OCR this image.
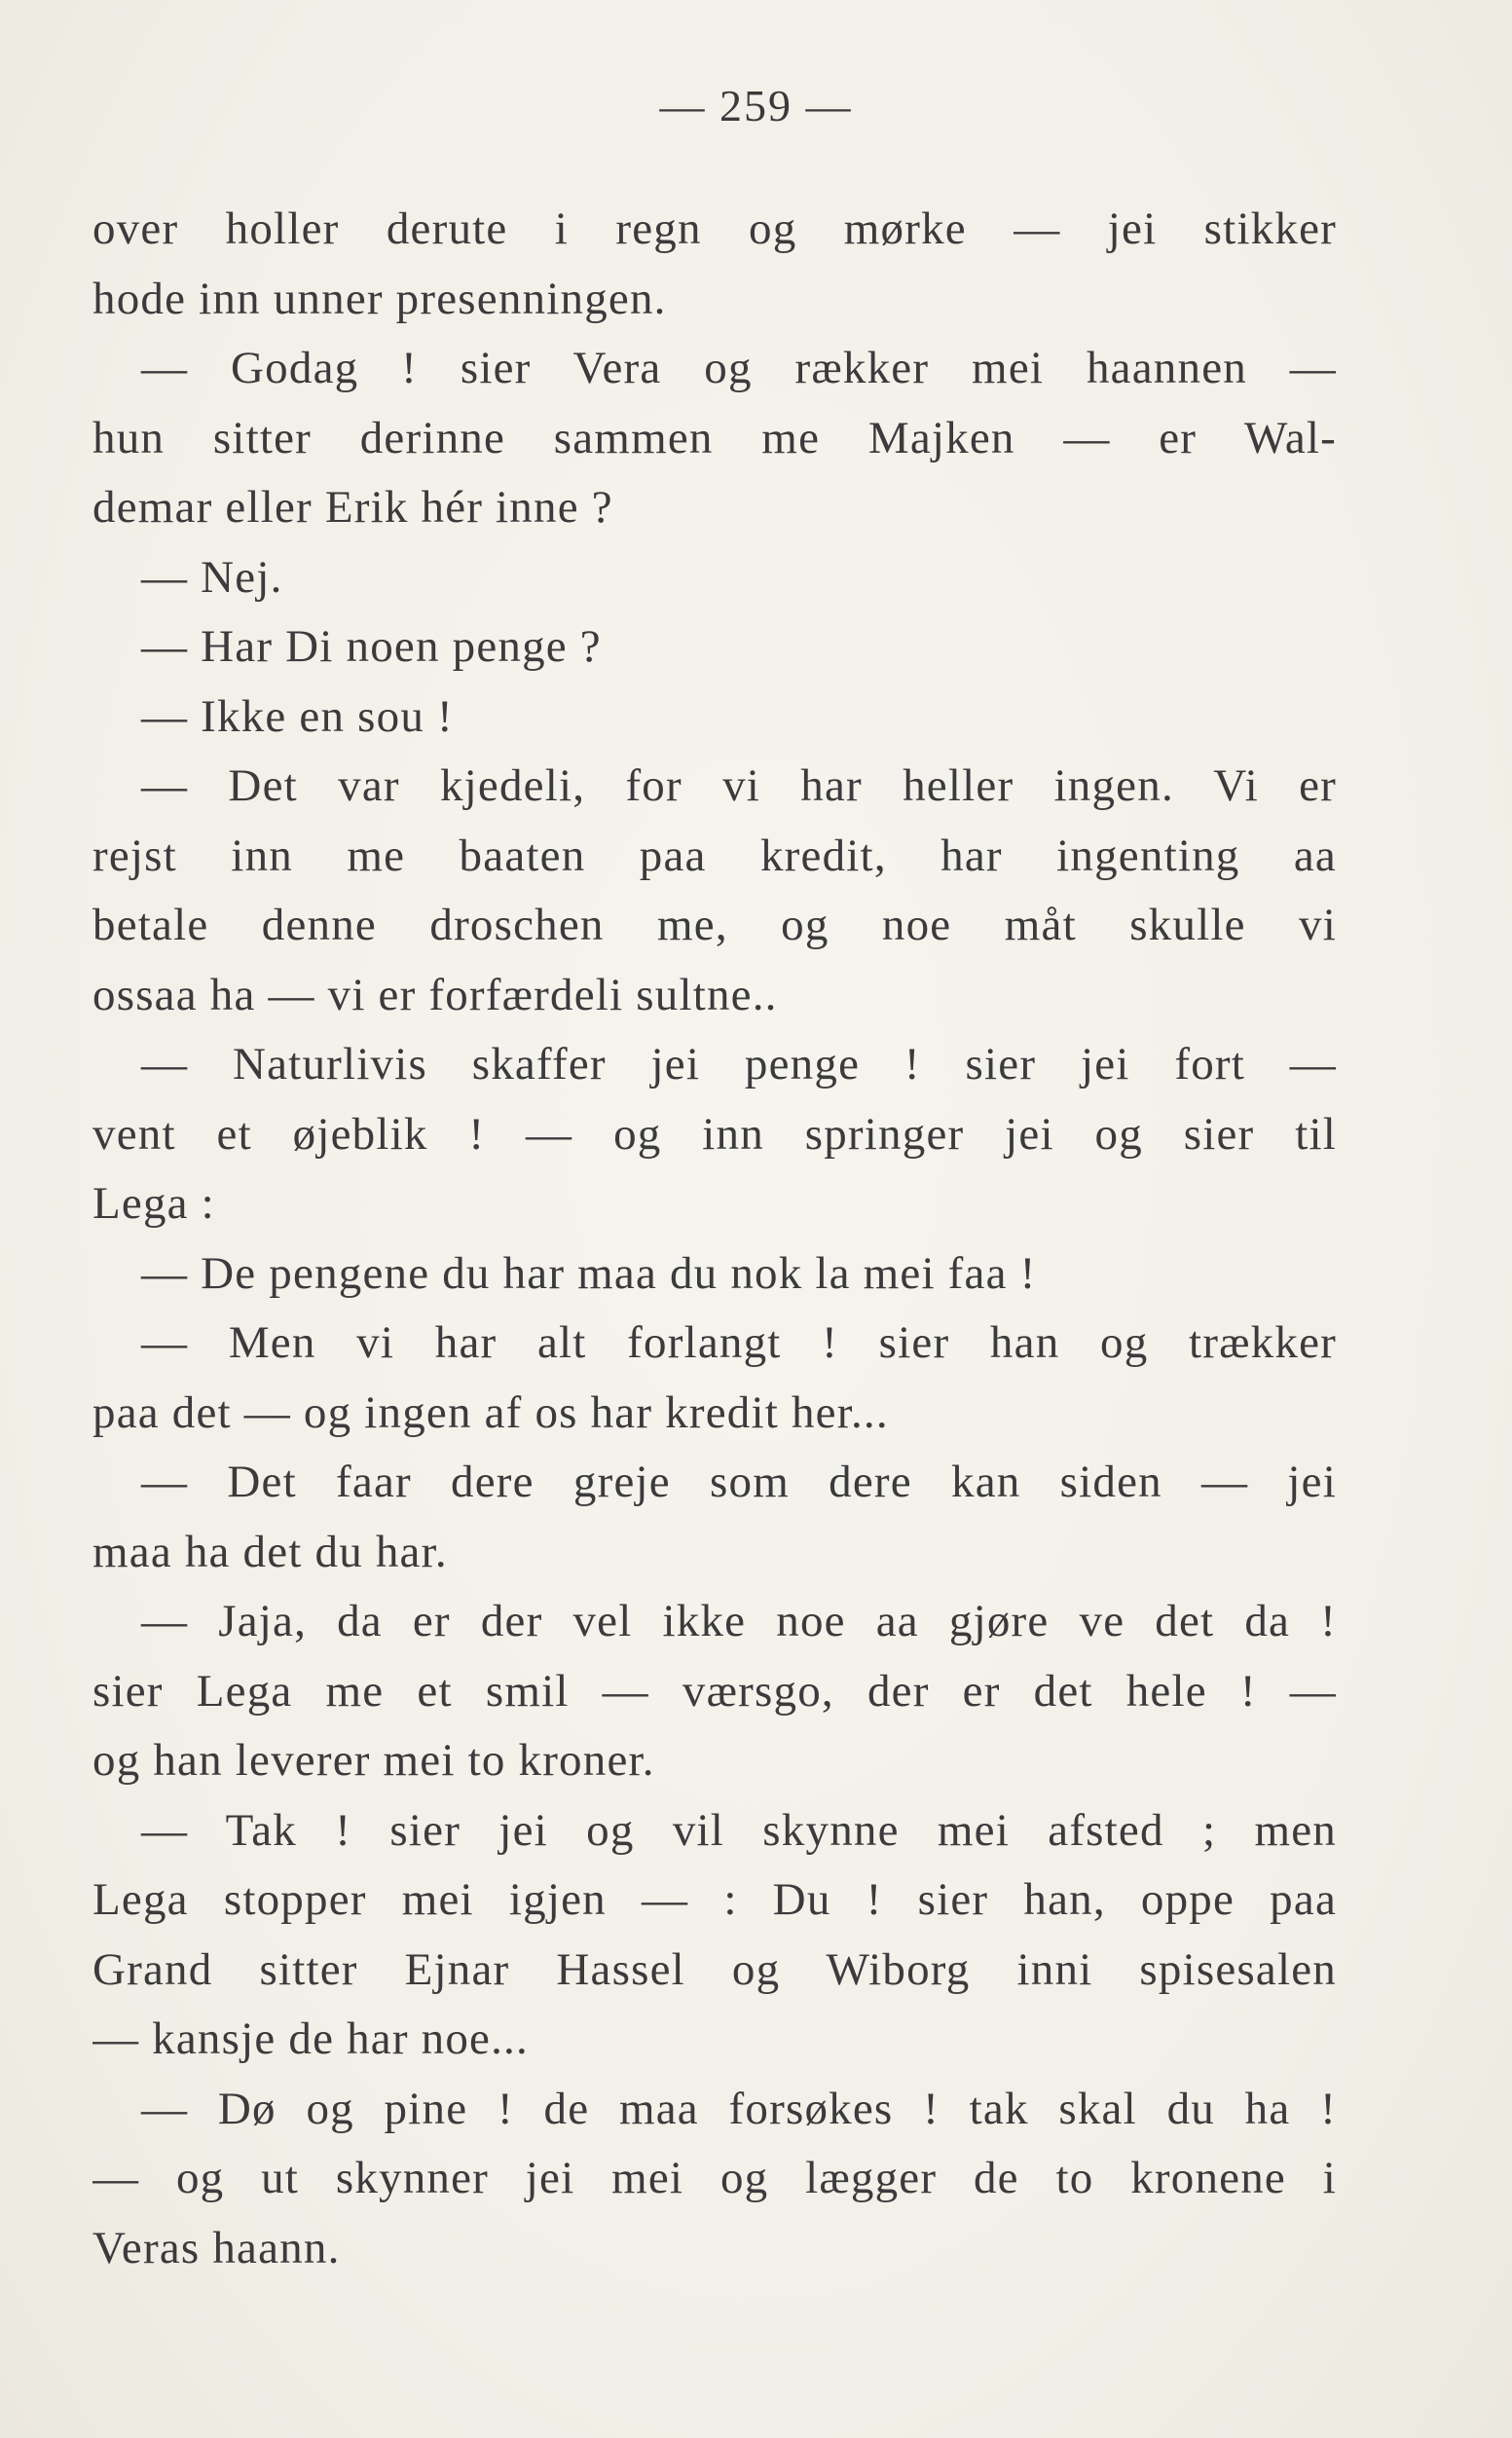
— 259 —
over holler derute i regn og mørke — jei stikker
hode inn unner presenningen.
— Godag ! sier Vera og rækker mei haannen —
hun sitter derinne sammen me Majken — er Wal-
demar eller Erik hér inne ?
— Nej.
— Har Di noen penge ?
— Ikke en sou !
— Det var kjedeli, for vi har heller ingen. Vi er
rejst inn me baaten paa kredit, har ingenting aa
betale denne droschen me, og noe måt skulle vi
ossaa ha — vi er forfærdeli sultne..
— Naturlivis skaffer jei penge ! sier jei fort —
vent et øjeblik ! — og inn springer jei og sier til
Lega :
— De pengene du har maa du nok la mei faa !
— Men vi har alt forlangt ! sier han og trækker
paa det — og ingen af os har kredit her...
— Det faar dere greje som dere kan siden — jei
maa ha det du har.
— Jaja, da er der vel ikke noe aa gjøre ve det da !
sier Lega me et smil — værsgo, der er det hele ! —
og han leverer mei to kroner.
— Tak ! sier jei og vil skynne mei afsted ; men
Lega stopper mei igjen — : Du ! sier han, oppe paa
Grand sitter Ejnar Hassel og Wiborg inni spisesalen
— kansje de har noe...
— Dø og pine ! de maa forsøkes ! tak skal du ha !
— og ut skynner jei mei og lægger de to kronene i
Veras haann.
